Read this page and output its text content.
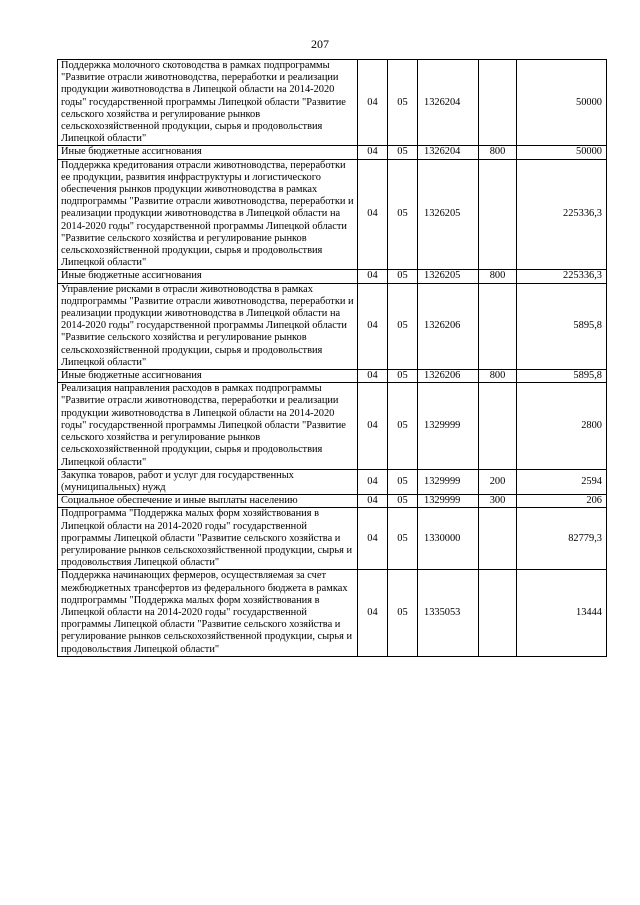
207
Поддержка молочного скотоводства в рамках подпрограммы "Развитие отрасли животноводства, переработки и реализации продукции животноводства в Липецкой области на 2014-2020 годы" государственной программы Липецкой области "Развитие сельского хозяйства и регулирование рынков сельскохозяйственной продукции, сырья и продовольствия Липецкой области"	04	05	1326204		50000
Иные бюджетные ассигнования	04	05	1326204	800	50000
Поддержка кредитования отрасли животноводства, переработки ее продукции, развития инфраструктуры и логистического обеспечения рынков продукции животноводства в рамках подпрограммы "Развитие отрасли животноводства, переработки и реализации продукции животноводства в Липецкой области на 2014-2020 годы" государственной программы Липецкой области "Развитие сельского хозяйства и регулирование рынков сельскохозяйственной продукции, сырья и продовольствия Липецкой области"	04	05	1326205		225336,3
Иные бюджетные ассигнования	04	05	1326205	800	225336,3
Управление рисками в отрасли животноводства в рамках подпрограммы "Развитие отрасли животноводства, переработки и реализации продукции животноводства в Липецкой области на 2014-2020 годы" государственной программы Липецкой области "Развитие сельского хозяйства и регулирование рынков сельскохозяйственной продукции, сырья и продовольствия Липецкой области"	04	05	1326206		5895,8
Иные бюджетные ассигнования	04	05	1326206	800	5895,8
Реализация направления расходов в рамках подпрограммы "Развитие отрасли животноводства, переработки и реализации продукции животноводства в Липецкой области на 2014-2020 годы" государственной программы Липецкой области "Развитие сельского хозяйства и регулирование рынков сельскохозяйственной продукции, сырья и продовольствия Липецкой области"	04	05	1329999		2800
Закупка товаров, работ и услуг для государственных (муниципальных) нужд	04	05	1329999	200	2594
Социальное обеспечение и иные выплаты населению	04	05	1329999	300	206
Подпрограмма "Поддержка малых форм хозяйствования в Липецкой области на 2014-2020 годы" государственной программы Липецкой области "Развитие сельского хозяйства и регулирование рынков сельскохозяйственной продукции, сырья и продовольствия Липецкой области"	04	05	1330000		82779,3
Поддержка начинающих фермеров, осуществляемая за счет межбюджетных трансфертов из федерального бюджета в рамках подпрограммы "Поддержка малых форм хозяйствования в Липецкой области на 2014-2020 годы" государственной программы Липецкой области "Развитие сельского хозяйства и регулирование рынков сельскохозяйственной продукции, сырья и продовольствия Липецкой области"	04	05	1335053		13444
